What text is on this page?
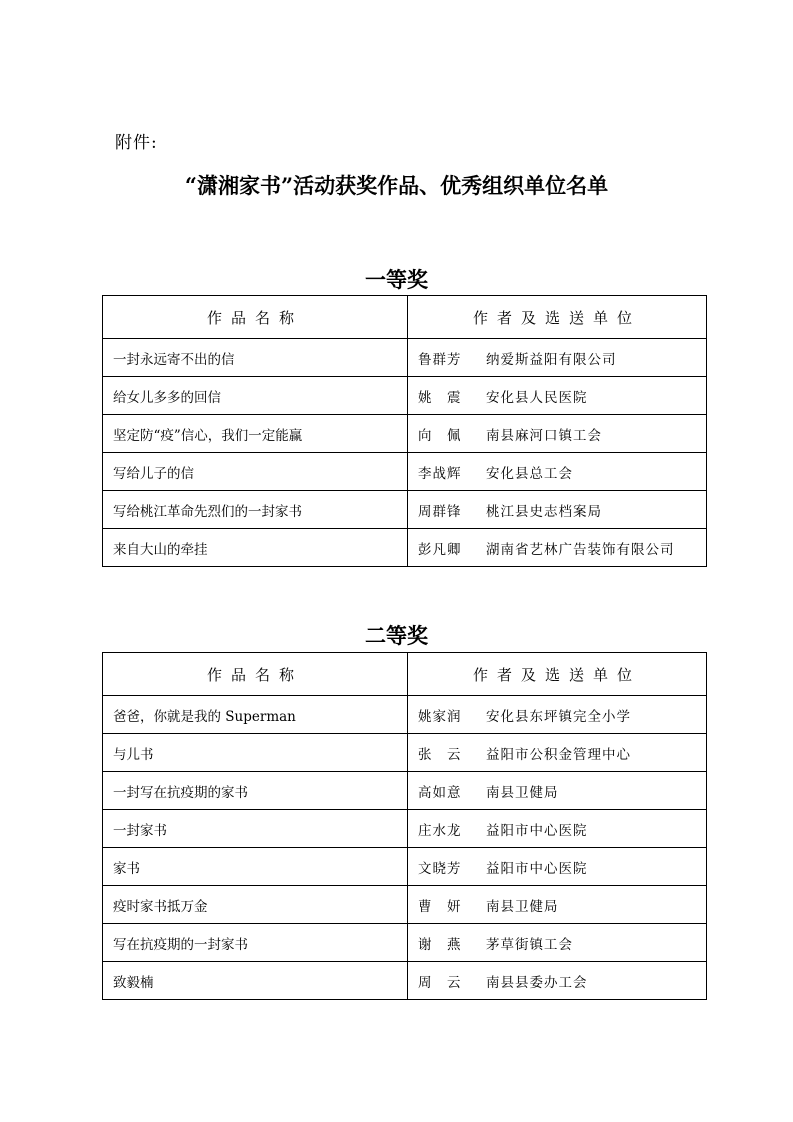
附件:
“潇湘家书”活动获奖作品、优秀组织单位名单
一等奖
作品名称	作者及选送单位
一封永远寄不出的信	鲁群芳 纳爱斯益阳有限公司
给女儿多多的回信	姚　震 安化县人民医院
坚定防“疫”信心，我们一定能赢	向　佩 南县麻河口镇工会
写给儿子的信	李战辉 安化县总工会
写给桃江革命先烈们的一封家书	周群锋 桃江县史志档案局
来自大山的牵挂	彭凡卿 湖南省艺林广告装饰有限公司
二等奖
作品名称	作者及选送单位
爸爸，你就是我的 Superman	姚家润 安化县东坪镇完全小学
与儿书	张　云 益阳市公积金管理中心
一封写在抗疫期的家书	高如意 南县卫健局
一封家书	庄水龙 益阳市中心医院
家书	文晓芳 益阳市中心医院
疫时家书抵万金	曹　妍 南县卫健局
写在抗疫期的一封家书	谢　燕 茅草街镇工会
致毅楠	周　云 南县县委办工会
